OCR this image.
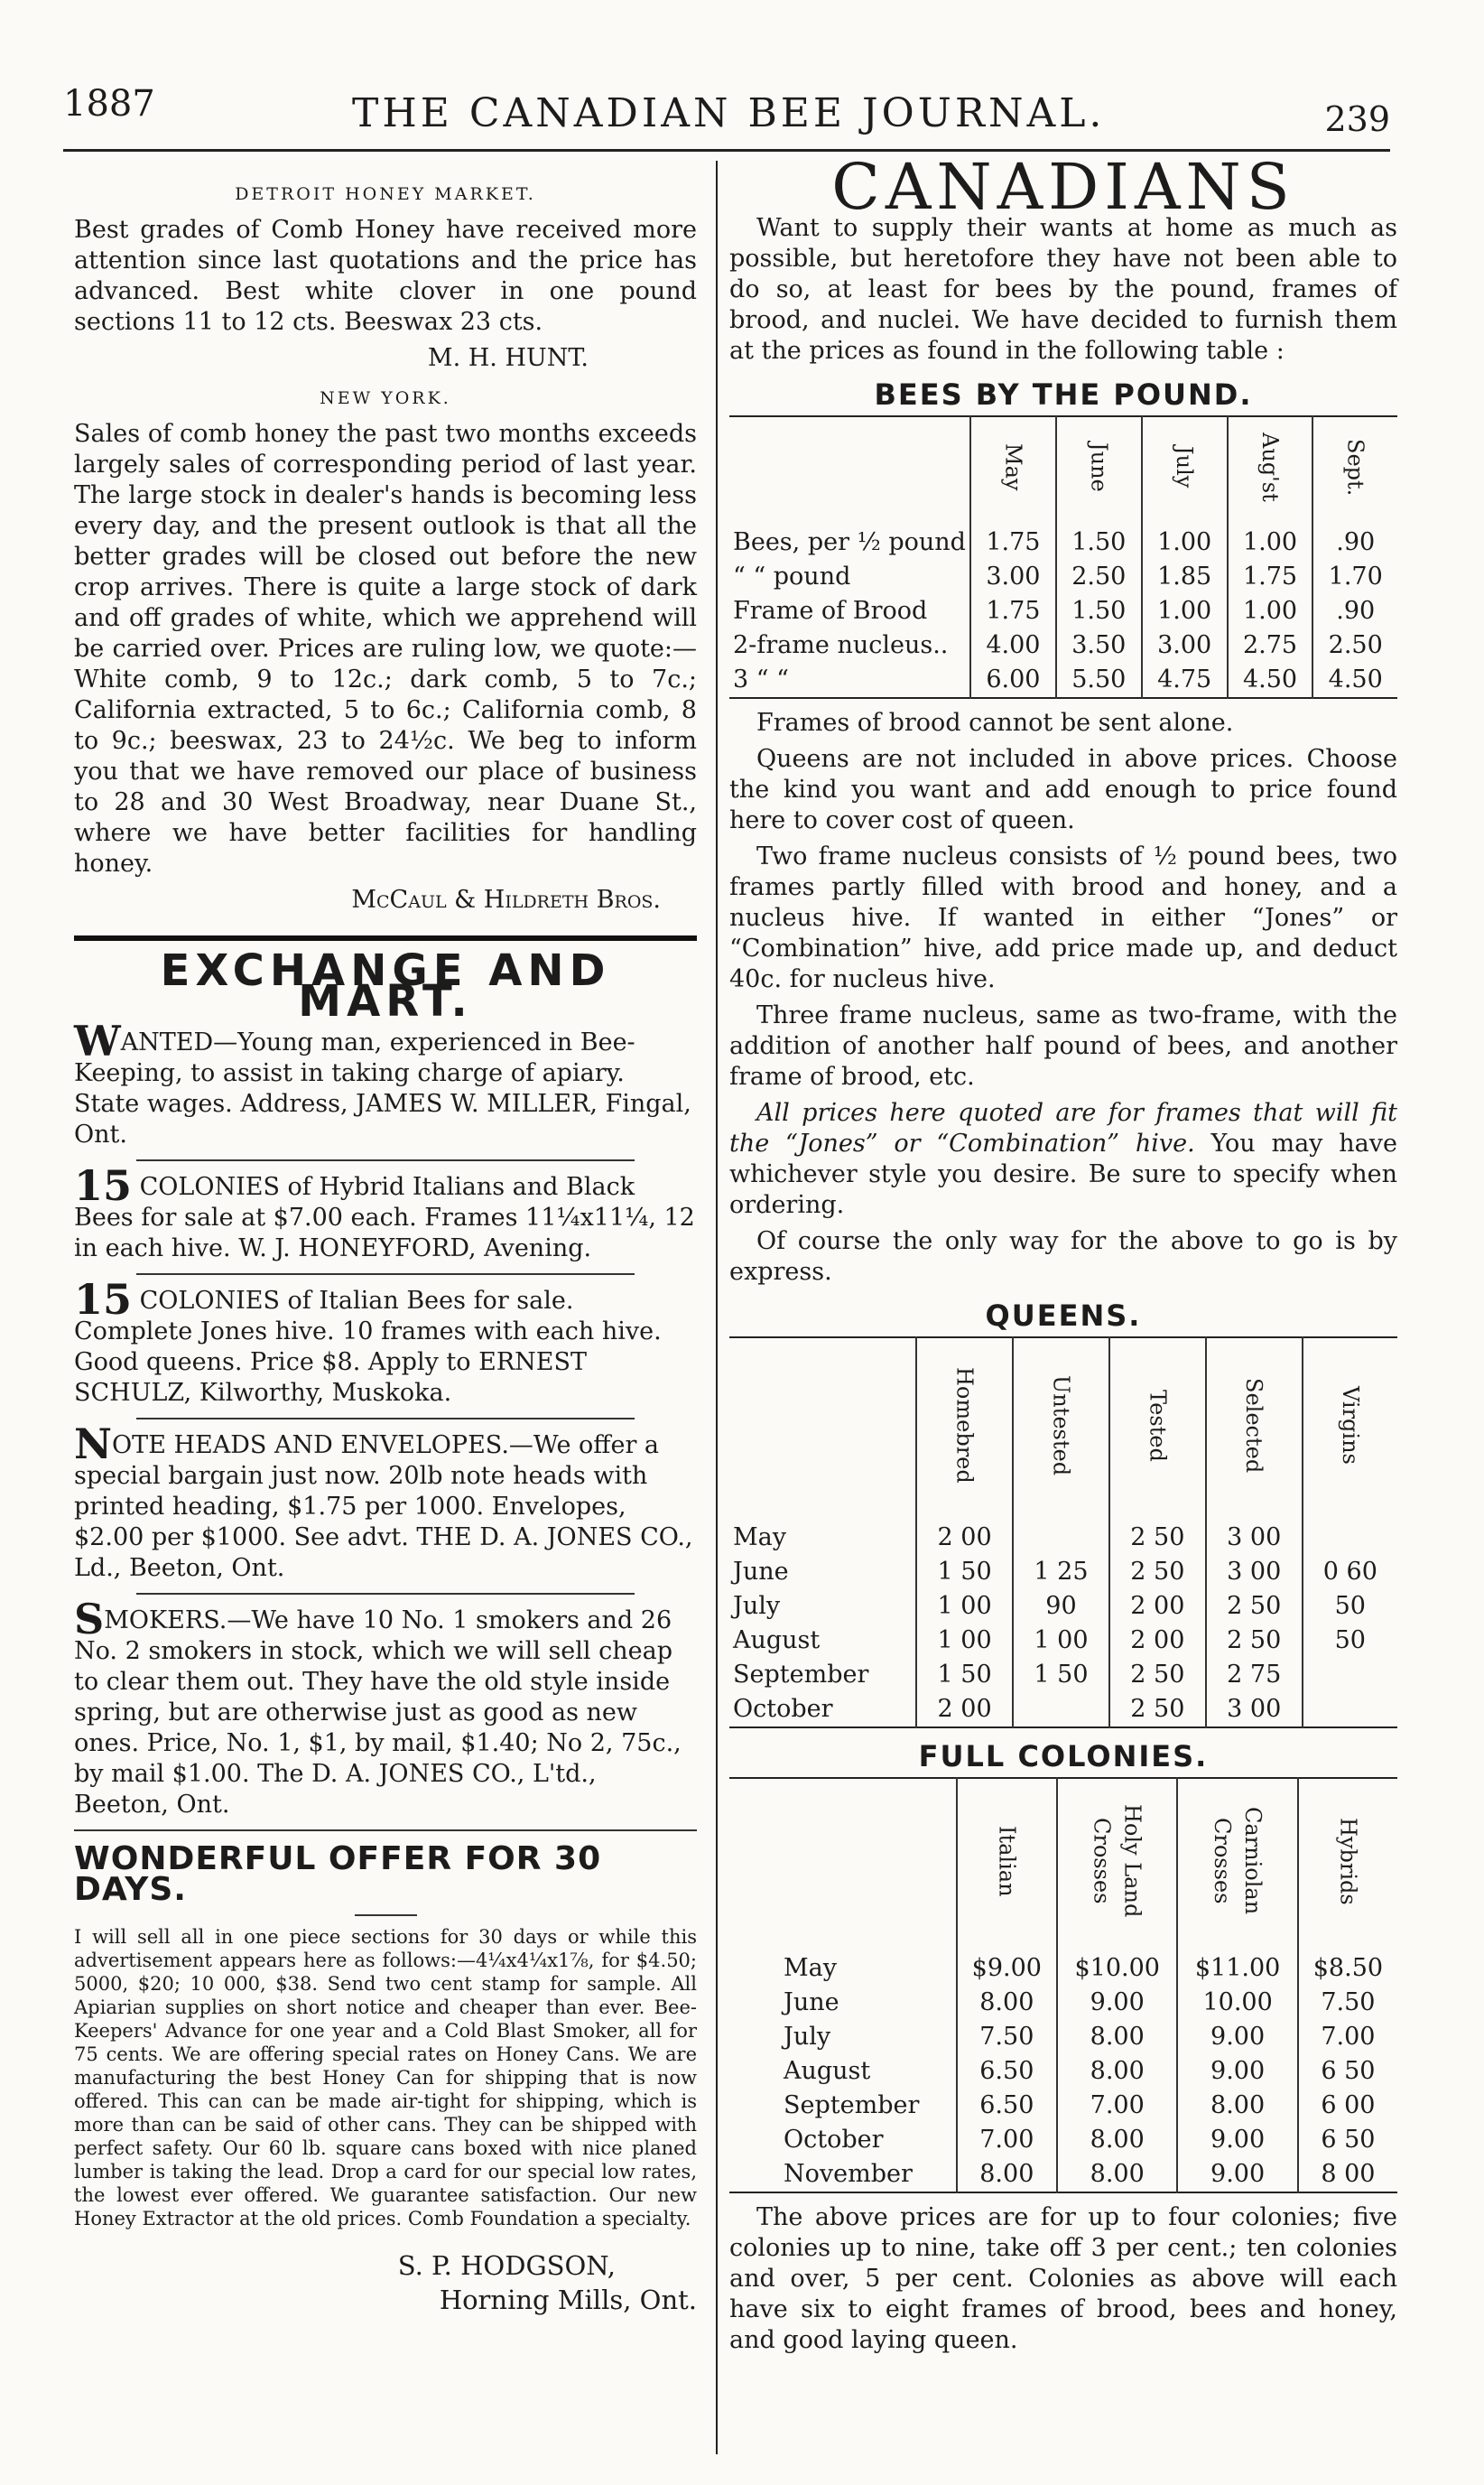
1887	THE CANADIAN BEE JOURNAL.	239
DETROIT HONEY MARKET.

Best grades of Comb Honey have received more attention since last quotations and the price has advanced. Best white clover in one pound sections 11 to 12 cts. Beeswax 23 cts.

M. H. HUNT.
NEW YORK.

Sales of comb honey the past two months exceeds largely sales of corresponding period of last year. The large stock in dealer's hands is becoming less every day, and the present outlook is that all the better grades will be closed out before the new crop arrives. There is quite a large stock of dark and off grades of white, which we apprehend will be carried over. Prices are ruling low, we quote:—White comb, 9 to 12c.; dark comb, 5 to 7c.; California extracted, 5 to 6c.; California comb, 8 to 9c.; beeswax, 23 to 24½c. We beg to inform you that we have removed our place of business to 28 and 30 West Broadway, near Duane St., where we have better facilities for handling honey.

McCaul & Hildreth Bros.
EXCHANGE AND MART.
WANTED—Young man, experienced in Bee-Keeping, to assist in taking charge of apiary. State wages. Address, JAMES W. MILLER, Fingal, Ont.
15 COLONIES of Hybrid Italians and Black Bees for sale at $7.00 each. Frames 11¼x11¼, 12 in each hive. W. J. HONEYFORD, Avening.
15 COLONIES of Italian Bees for sale. Complete Jones hive. 10 frames with each hive. Good queens. Price $8. Apply to ERNEST SCHULZ, Kilworthy, Muskoka.
NOTE HEADS AND ENVELOPES.—We offer a special bargain just now. 20lb note heads with printed heading, $1.75 per 1000. Envelopes, $2.00 per $1000. See advt. THE D. A. JONES CO., Ld., Beeton, Ont.
SMOKERS.—We have 10 No. 1 smokers and 26 No. 2 smokers in stock, which we will sell cheap to clear them out. They have the old style inside spring, but are otherwise just as good as new ones. Price, No. 1, $1, by mail, $1.40; No 2, 75c., by mail $1.00. The D. A. JONES CO., L'td., Beeton, Ont.
WONDERFUL OFFER FOR 30 DAYS.

I will sell all in one piece sections for 30 days or while this advertisement appears here as follows:—4¼x4¼x1⅞, for $4.50; 5000, $20; 10 000, $38. Send two cent stamp for sample. All Apiarian supplies on short notice and cheaper than ever. Bee-Keepers' Advance for one year and a Cold Blast Smoker, all for 75 cents. We are offering special rates on Honey Cans. We are manufacturing the best Honey Can for shipping that is now offered. This can can be made air-tight for shipping, which is more than can be said of other cans. They can be shipped with perfect safety. Our 60 lb. square cans boxed with nice planed lumber is taking the lead. Drop a card for our special low rates, the lowest ever offered. We guarantee satisfaction. Our new Honey Extractor at the old prices. Comb Foundation a specialty.

S. P. HODGSON,
Horning Mills, Ont.
CANADIANS

Want to supply their wants at home as much as possible, but heretofore they have not been able to do so, at least for bees by the pound, frames of brood, and nuclei. We have decided to furnish them at the prices as found in the following table :

BEES BY THE POUND.
	May	June	July	Aug'st	Sept.
Bees, per ½ pound	1.75	1.50	1.00	1.00	.90
“ “ pound	3.00	2.50	1.85	1.75	1.70
Frame of Brood	1.75	1.50	1.00	1.00	.90
2-frame nucleus..	4.00	3.50	3.00	2.75	2.50
3 “ “	6.00	5.50	4.75	4.50	4.50

Frames of brood cannot be sent alone.

Queens are not included in above prices. Choose the kind you want and add enough to price found here to cover cost of queen.

Two frame nucleus consists of ½ pound bees, two frames partly filled with brood and honey, and a nucleus hive. If wanted in either “Jones” or “Combination” hive, add price made up, and deduct 40c. for nucleus hive.

Three frame nucleus, same as two-frame, with the addition of another half pound of bees, and another frame of brood, etc.

All prices here quoted are for frames that will fit the “Jones” or “Combination” hive. You may have whichever style you desire. Be sure to specify when ordering.

Of course the only way for the above to go is by express.

QUEENS.
	Homebred	Untested	Tested	Selected	Virgins
May	2 00		2 50	3 00	
June	1 50	1 25	2 50	3 00	0 60
July	1 00	90	2 00	2 50	50
August	1 00	1 00	2 00	2 50	50
September	1 50	1 50	2 50	2 75	
October	2 00		2 50	3 00	
FULL COLONIES.
	Italian	Holy Land Crosses	Carniolan Crosses	Hybrids
May	$9.00	$10.00	$11.00	$8.50
June	8.00	9.00	10.00	7.50
July	7.50	8.00	9.00	7.00
August	6.50	8.00	9.00	6 50
September	6.50	7.00	8.00	6 00
October	7.00	8.00	9.00	6 50
November	8.00	8.00	9.00	8 00

The above prices are for up to four colonies; five colonies up to nine, take off 3 per cent.; ten colonies and over, 5 per cent. Colonies as above will each have six to eight frames of brood, bees and honey, and good laying queen.
